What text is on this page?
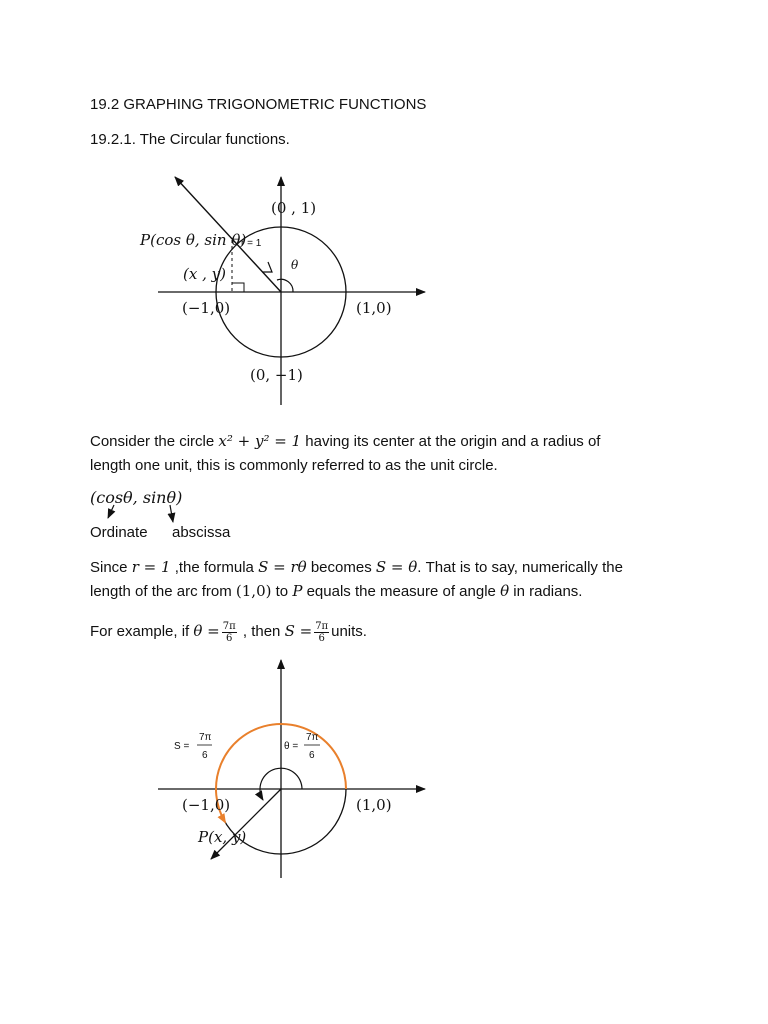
19.2 GRAPHING TRIGONOMETRIC FUNCTIONS
19.2.1. The Circular functions.
(0 , 1)
P(cos θ, sin θ)
r = 1
θ
(x , y)
(−1,0)	(1,0)
(0, −1)
S =
7π
6
θ =
7π
6
(−1,0)	(1,0)
P(x, y)
Consider the circle x² + y² = 1 having its center at the origin and a radius of
length one unit, this is commonly referred to as the unit circle.
(cosθ, sinθ)
Ordinate abscissa
Since r = 1 ,the formula S = rθ becomes S = θ. That is to say, numerically the
length of the arc from (1,0) to P equals the measure of angle θ in radians.
For example, if $\theta = \frac{7\pi}{6}$ , then $S = \frac{7\pi}{6}$ units.
